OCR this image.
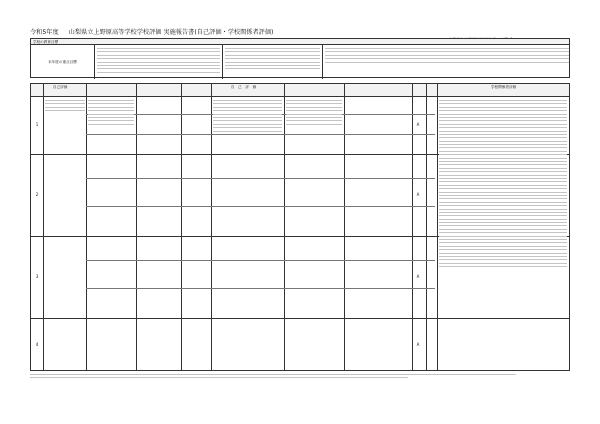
令和5年度 山梨県立上野原高等学校学校評価 実施報告書(自己評価・学校関係者評価)
学校の教育目標
本年度の重点目標
自己評価	自　己　評　価	学校関係者評価
1
2
3
4
A
A
A
A
